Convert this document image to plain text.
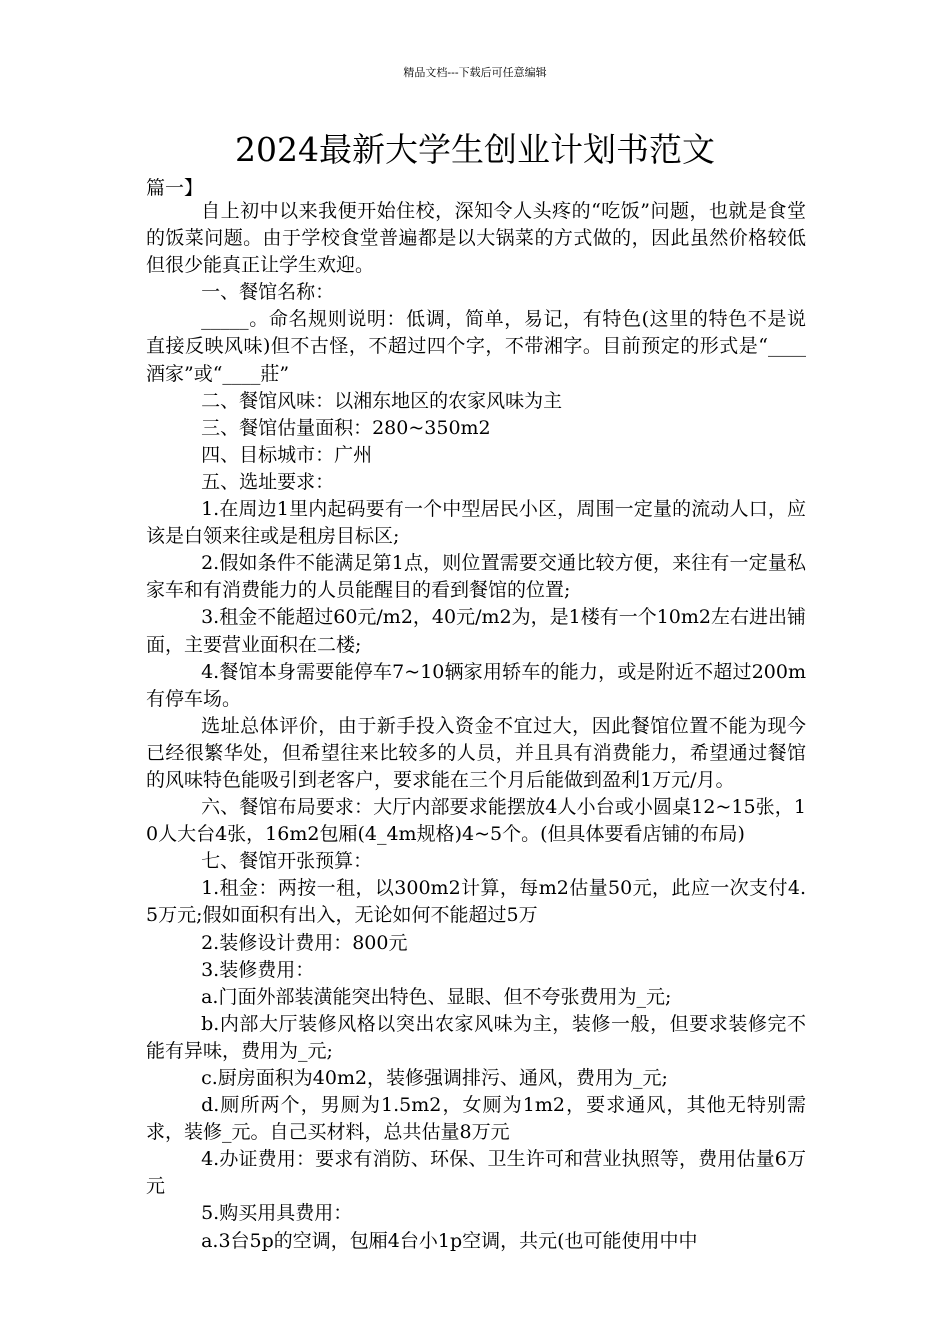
精品文档---下载后可任意编辑
2024最新大学生创业计划书范文
篇一】

自上初中以来我便开始住校，深知令人头疼的“吃饭”问题，也就是食堂的饭菜问题。由于学校食堂普遍都是以大锅菜的方式做的，因此虽然价格较低但很少能真正让学生欢迎。

一、餐馆名称：

_____。命名规则说明：低调，简单，易记，有特色(这里的特色不是说直接反映风味)但不古怪，不超过四个字，不带湘字。目前预定的形式是“____酒家”或“____莊”

二、餐馆风味：以湘东地区的农家风味为主

三、餐馆估量面积：280~350m2

四、目标城市：广州

五、选址要求：

1.在周边1里内起码要有一个中型居民小区，周围一定量的流动人口，应该是白领来往或是租房目标区;

2.假如条件不能满足第1点，则位置需要交通比较方便，来往有一定量私家车和有消费能力的人员能醒目的看到餐馆的位置;

3.租金不能超过60元/m2，40元/m2为，是1楼有一个10m2左右进出铺面，主要营业面积在二楼;

4.餐馆本身需要能停车7~10辆家用轿车的能力，或是附近不超过200m有停车场。

选址总体评价，由于新手投入资金不宜过大，因此餐馆位置不能为现今已经很繁华处，但希望往来比较多的人员，并且具有消费能力，希望通过餐馆的风味特色能吸引到老客户，要求能在三个月后能做到盈利1万元/月。

六、餐馆布局要求：大厅内部要求能摆放4人小台或小圆桌12~15张，10人大台4张，16m2包厢(4_4m规格)4~5个。(但具体要看店铺的布局)

七、餐馆开张预算：

1.租金：两按一租，以300m2计算，每m2估量50元，此应一次支付4.5万元;假如面积有出入，无论如何不能超过5万

2.装修设计费用：800元

3.装修费用：

a.门面外部装潢能突出特色、显眼、但不夸张费用为_元;

b.内部大厅装修风格以突出农家风味为主，装修一般，但要求装修完不能有异味，费用为_元;

c.厨房面积为40m2，装修强调排污、通风，费用为_元;

d.厕所两个，男厕为1.5m2，女厕为1m2，要求通风，其他无特别需求，装修_元。自己买材料，总共估量8万元

4.办证费用：要求有消防、环保、卫生许可和营业执照等，费用估量6万元

5.购买用具费用：

a.3台5p的空调，包厢4台小1p空调，共元(也可能使用中中
